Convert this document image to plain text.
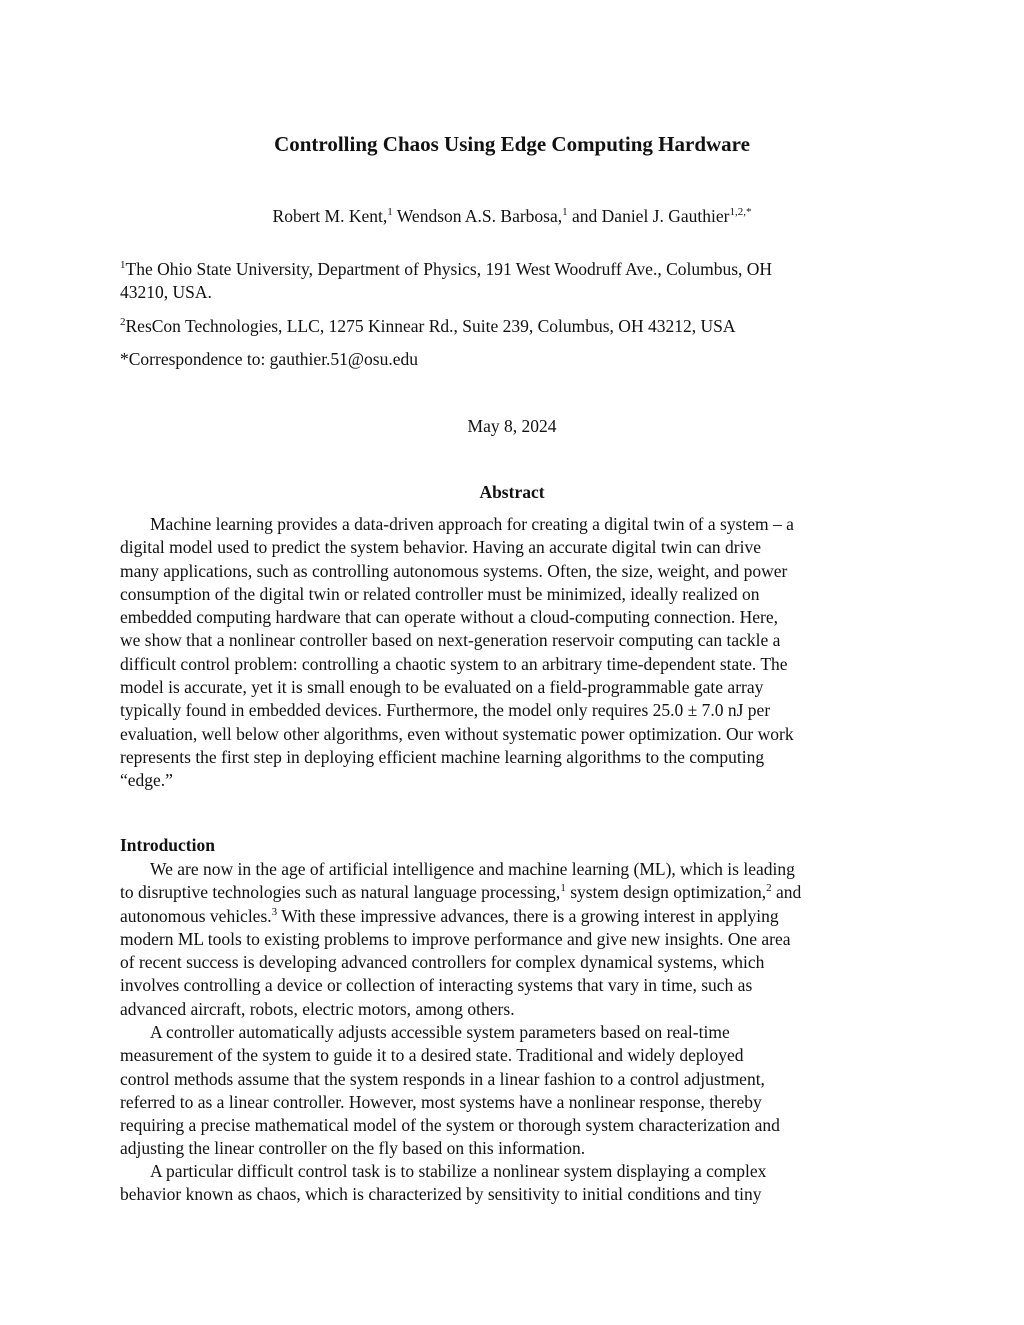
Controlling Chaos Using Edge Computing Hardware
Robert M. Kent,$^1$ Wendson A.S. Barbosa,$^1$ and Daniel J. Gauthier$^{1,2,*}$
$^1$The Ohio State University, Department of Physics, 191 West Woodruff Ave., Columbus, OH
43210, USA.
$^2$ResCon Technologies, LLC, 1275 Kinnear Rd., Suite 239, Columbus, OH 43212, USA
*Correspondence to: gauthier.51@osu.edu
May 8, 2024
Abstract
Machine learning provides a data-driven approach for creating a digital twin of a system – a
digital model used to predict the system behavior. Having an accurate digital twin can drive
many applications, such as controlling autonomous systems. Often, the size, weight, and power
consumption of the digital twin or related controller must be minimized, ideally realized on
embedded computing hardware that can operate without a cloud-computing connection. Here,
we show that a nonlinear controller based on next-generation reservoir computing can tackle a
difficult control problem: controlling a chaotic system to an arbitrary time-dependent state. The
model is accurate, yet it is small enough to be evaluated on a field-programmable gate array
typically found in embedded devices. Furthermore, the model only requires 25.0 ± 7.0 nJ per
evaluation, well below other algorithms, even without systematic power optimization. Our work
represents the first step in deploying efficient machine learning algorithms to the computing
“edge.”
Introduction
We are now in the age of artificial intelligence and machine learning (ML), which is leading
to disruptive technologies such as natural language processing,$^1$ system design optimization,$^2$ and
autonomous vehicles.$^3$ With these impressive advances, there is a growing interest in applying
modern ML tools to existing problems to improve performance and give new insights. One area
of recent success is developing advanced controllers for complex dynamical systems, which
involves controlling a device or collection of interacting systems that vary in time, such as
advanced aircraft, robots, electric motors, among others.
A controller automatically adjusts accessible system parameters based on real-time
measurement of the system to guide it to a desired state. Traditional and widely deployed
control methods assume that the system responds in a linear fashion to a control adjustment,
referred to as a linear controller. However, most systems have a nonlinear response, thereby
requiring a precise mathematical model of the system or thorough system characterization and
adjusting the linear controller on the fly based on this information.
A particular difficult control task is to stabilize a nonlinear system displaying a complex
behavior known as chaos, which is characterized by sensitivity to initial conditions and tiny
